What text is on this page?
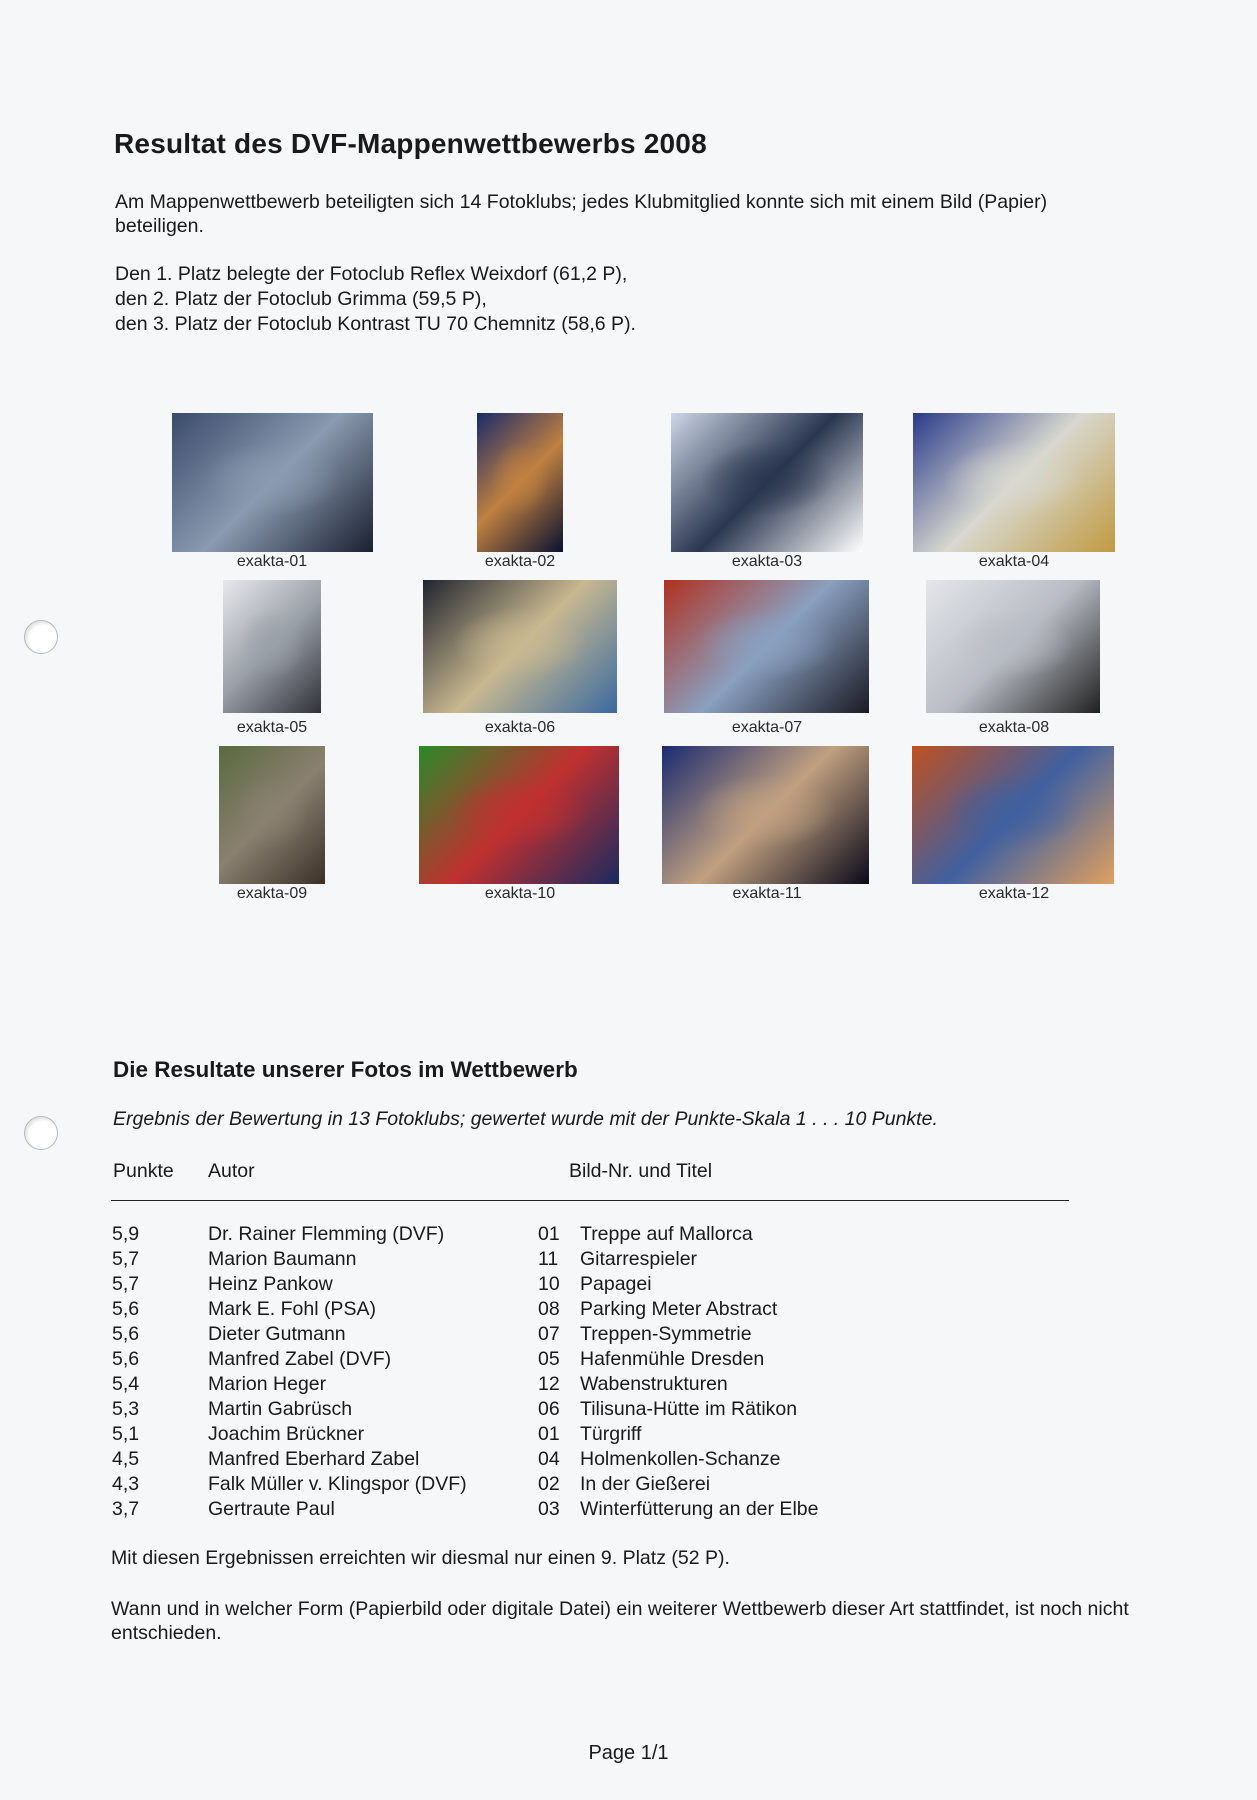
Resultat des DVF-Mappenwettbewerbs 2008

Am Mappenwettbewerb beteiligten sich 14 Fotoklubs; jedes Klubmitglied konnte sich mit einem Bild (Papier) beteiligen.

Den 1. Platz belegte der Fotoclub Reflex Weixdorf (61,2 P),
den 2. Platz der Fotoclub Grimma (59,5 P),
den 3. Platz der Fotoclub Kontrast TU 70 Chemnitz (58,6 P).
exakta-01	exakta-02	exakta-03	exakta-04
exakta-05	exakta-06	exakta-07	exakta-08
exakta-09	exakta-10	exakta-11	exakta-12
Die Resultate unserer Fotos im Wettbewerb

Ergebnis der Bewertung in 13 Fotoklubs; gewertet wurde mit der Punkte-Skala 1 . . . 10 Punkte.

Punkte Autor	Bild-Nr. und Titel
5,9	Dr. Rainer Flemming (DVF)	01 Treppe auf Mallorca
5,7	Marion Baumann	11 Gitarrespieler
5,7	Heinz Pankow	10 Papagei
5,6	Mark E. Fohl (PSA)	08 Parking Meter Abstract
5,6	Dieter Gutmann	07 Treppen-Symmetrie
5,6	Manfred Zabel (DVF)	05 Hafenmühle Dresden
5,4	Marion Heger	12 Wabenstrukturen
5,3	Martin Gabrüsch	06 Tilisuna-Hütte im Rätikon
5,1	Joachim Brückner	01 Türgriff
4,5	Manfred Eberhard Zabel	04 Holmenkollen-Schanze
4,3	Falk Müller v. Klingspor (DVF)	02 In der Gießerei
3,7	Gertraute Paul	03 Winterfütterung an der Elbe

Mit diesen Ergebnissen erreichten wir diesmal nur einen 9. Platz (52 P).

Wann und in welcher Form (Papierbild oder digitale Datei) ein weiterer Wettbewerb dieser Art stattfindet, ist noch nicht entschieden.

Page 1/1
